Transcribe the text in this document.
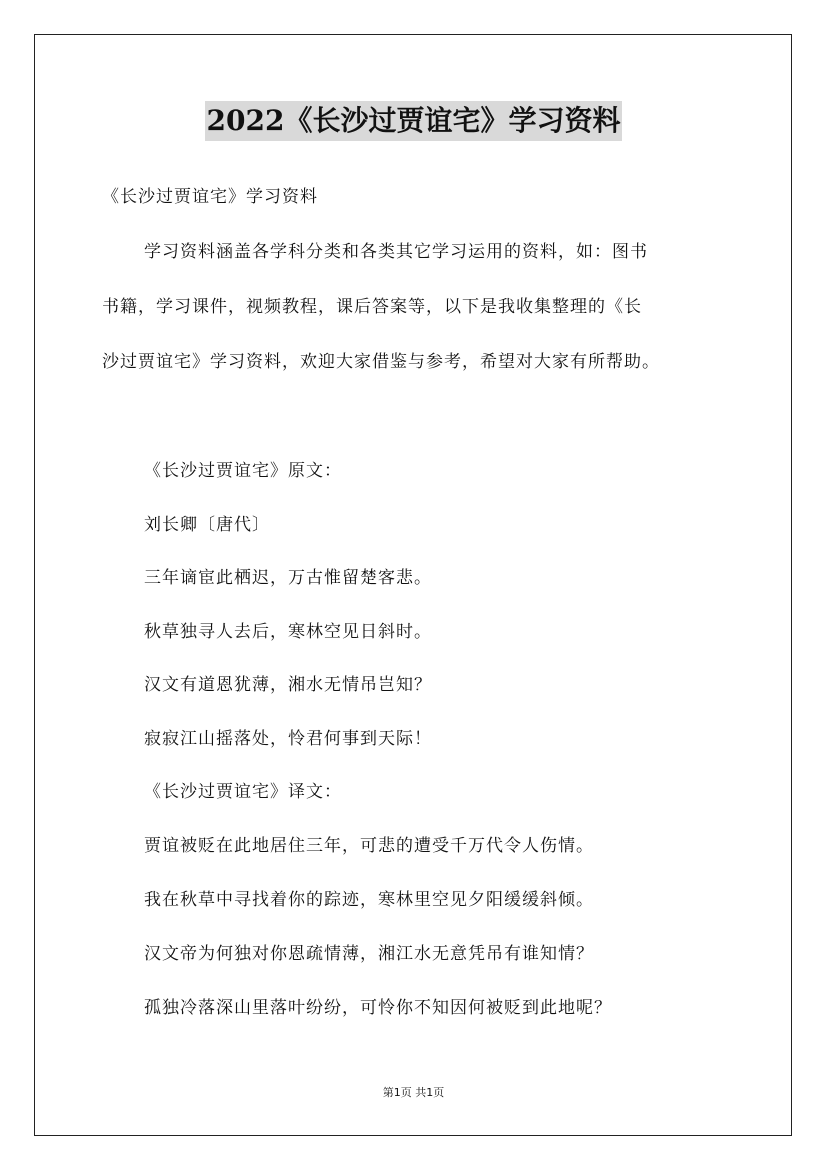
2022《长沙过贾谊宅》学习资料
《长沙过贾谊宅》学习资料
学习资料涵盖各学科分类和各类其它学习运用的资料，如：图书
书籍，学习课件，视频教程，课后答案等，以下是我收集整理的《长
沙过贾谊宅》学习资料，欢迎大家借鉴与参考，希望对大家有所帮助。
《长沙过贾谊宅》原文：
刘长卿〔唐代〕
三年谪宦此栖迟，万古惟留楚客悲。
秋草独寻人去后，寒林空见日斜时。
汉文有道恩犹薄，湘水无情吊岂知？
寂寂江山摇落处，怜君何事到天际！
《长沙过贾谊宅》译文：
贾谊被贬在此地居住三年，可悲的遭受千万代令人伤情。
我在秋草中寻找着你的踪迹，寒林里空见夕阳缓缓斜倾。
汉文帝为何独对你恩疏情薄，湘江水无意凭吊有谁知情？
孤独冷落深山里落叶纷纷，可怜你不知因何被贬到此地呢？
第1页 共1页
